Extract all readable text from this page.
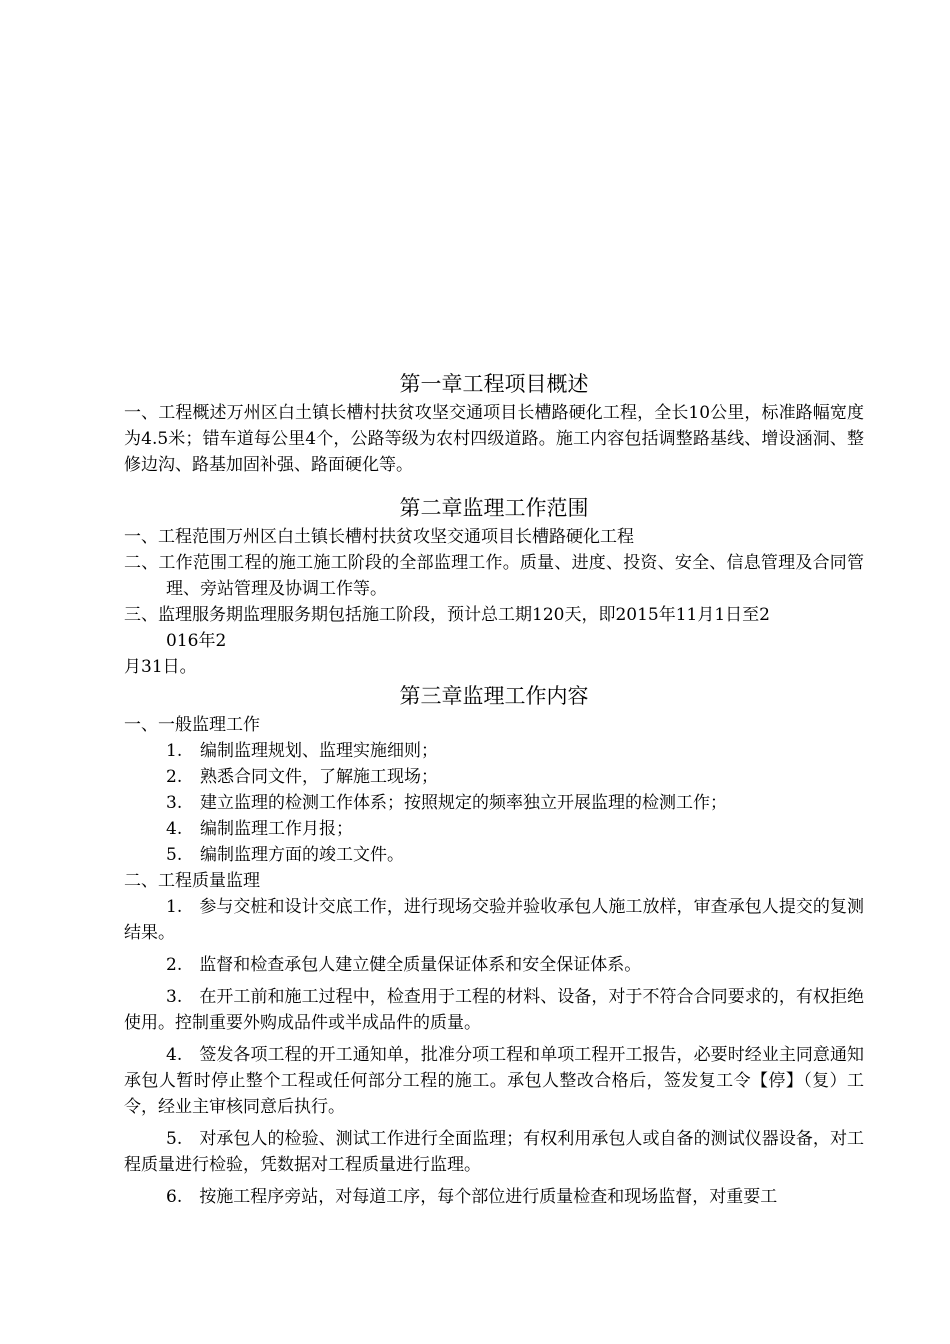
第一章工程项目概述

一、工程概述万州区白土镇长槽村扶贫攻坚交通项目长槽路硬化工程，全长10公里，标准路幅宽度为4.5米；错车道每公里4个，公路等级为农村四级道路。施工内容包括调整路基线、增设涵洞、整修边沟、路基加固补强、路面硬化等。

第二章监理工作范围

一、工程范围万州区白土镇长槽村扶贫攻坚交通项目长槽路硬化工程

二、工作范围工程的施工施工阶段的全部监理工作。质量、进度、投资、安全、信息管理及合同管理、旁站管理及协调工作等。

三、监理服务期监理服务期包括施工阶段，预计总工期120天，即2015年11月1日至2

016年2

月31日。

第三章监理工作内容

一、一般监理工作

1. 编制监理规划、监理实施细则；

2. 熟悉合同文件，了解施工现场；

3. 建立监理的检测工作体系；按照规定的频率独立开展监理的检测工作；

4. 编制监理工作月报；

5. 编制监理方面的竣工文件。

二、工程质量监理

1.　 参与交桩和设计交底工作，进行现场交验并验收承包人施工放样，审查承包人提交的复测结果。

2.　 监督和检查承包人建立健全质量保证体系和安全保证体系。

3.　 在开工前和施工过程中，检查用于工程的材料、设备，对于不符合合同要求的，有权拒绝使用。控制重要外购成品件或半成品件的质量。

4.　 签发各项工程的开工通知单，批准分项工程和单项工程开工报告，必要时经业主同意通知承包人暂时停止整个工程或任何部分工程的施工。承包人整改合格后，签发复工令【停】（复）工令，经业主审核同意后执行。

5.　 对承包人的检验、测试工作进行全面监理；有权利用承包人或自备的测试仪器设备，对工程质量进行检验，凭数据对工程质量进行监理。

6.　 按施工程序旁站，对每道工序，每个部位进行质量检查和现场监督，对重要工
